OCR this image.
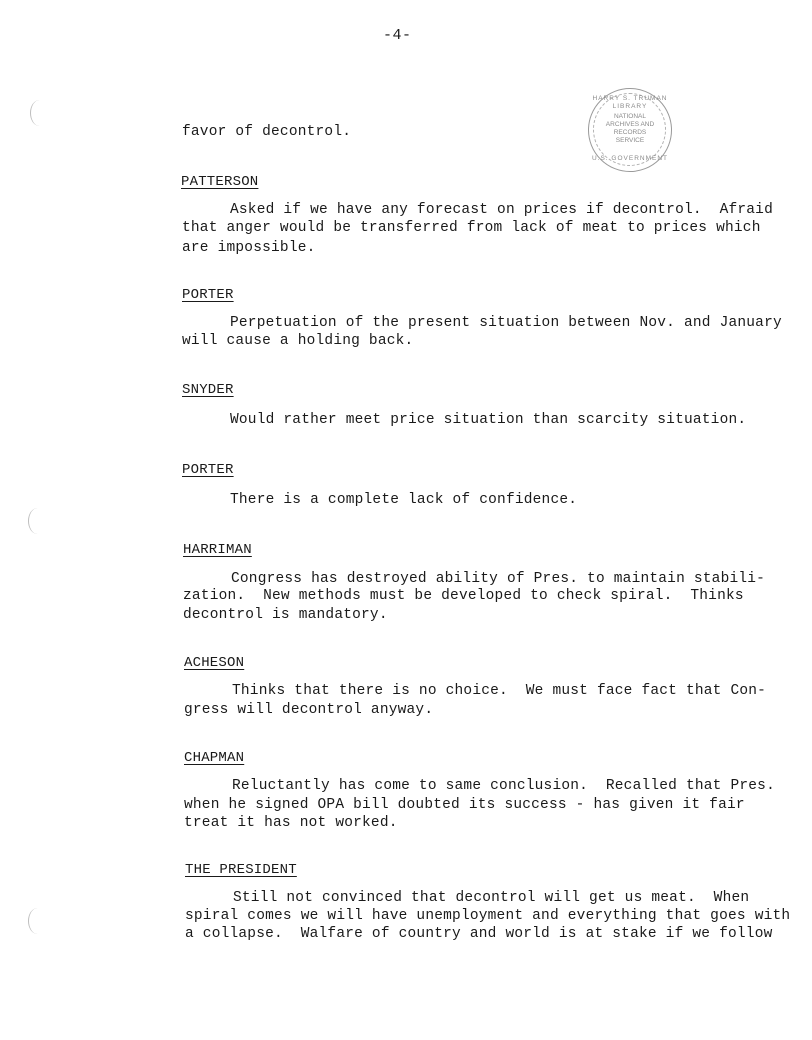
-4-
HARRY S. TRUMAN LIBRARY
NATIONAL
ARCHIVES AND
RECORDS
SERVICE
U.S. GOVERNMENT
favor of decontrol.
PATTERSON
Asked if we have any forecast on prices if decontrol.  Afraid
that anger would be transferred from lack of meat to prices which
are impossible.
PORTER
Perpetuation of the present situation between Nov. and January
will cause a holding back.
SNYDER
Would rather meet price situation than scarcity situation.
PORTER
There is a complete lack of confidence.
HARRIMAN
Congress has destroyed ability of Pres. to maintain stabili-
zation.  New methods must be developed to check spiral.  Thinks
decontrol is mandatory.
ACHESON
Thinks that there is no choice.  We must face fact that Con-
gress will decontrol anyway.
CHAPMAN
Reluctantly has come to same conclusion.  Recalled that Pres.
when he signed OPA bill doubted its success - has given it fair
treat it has not worked.
THE PRESIDENT
Still not convinced that decontrol will get us meat.  When
spiral comes we will have unemployment and everything that goes with
a collapse.  Walfare of country and world is at stake if we follow
